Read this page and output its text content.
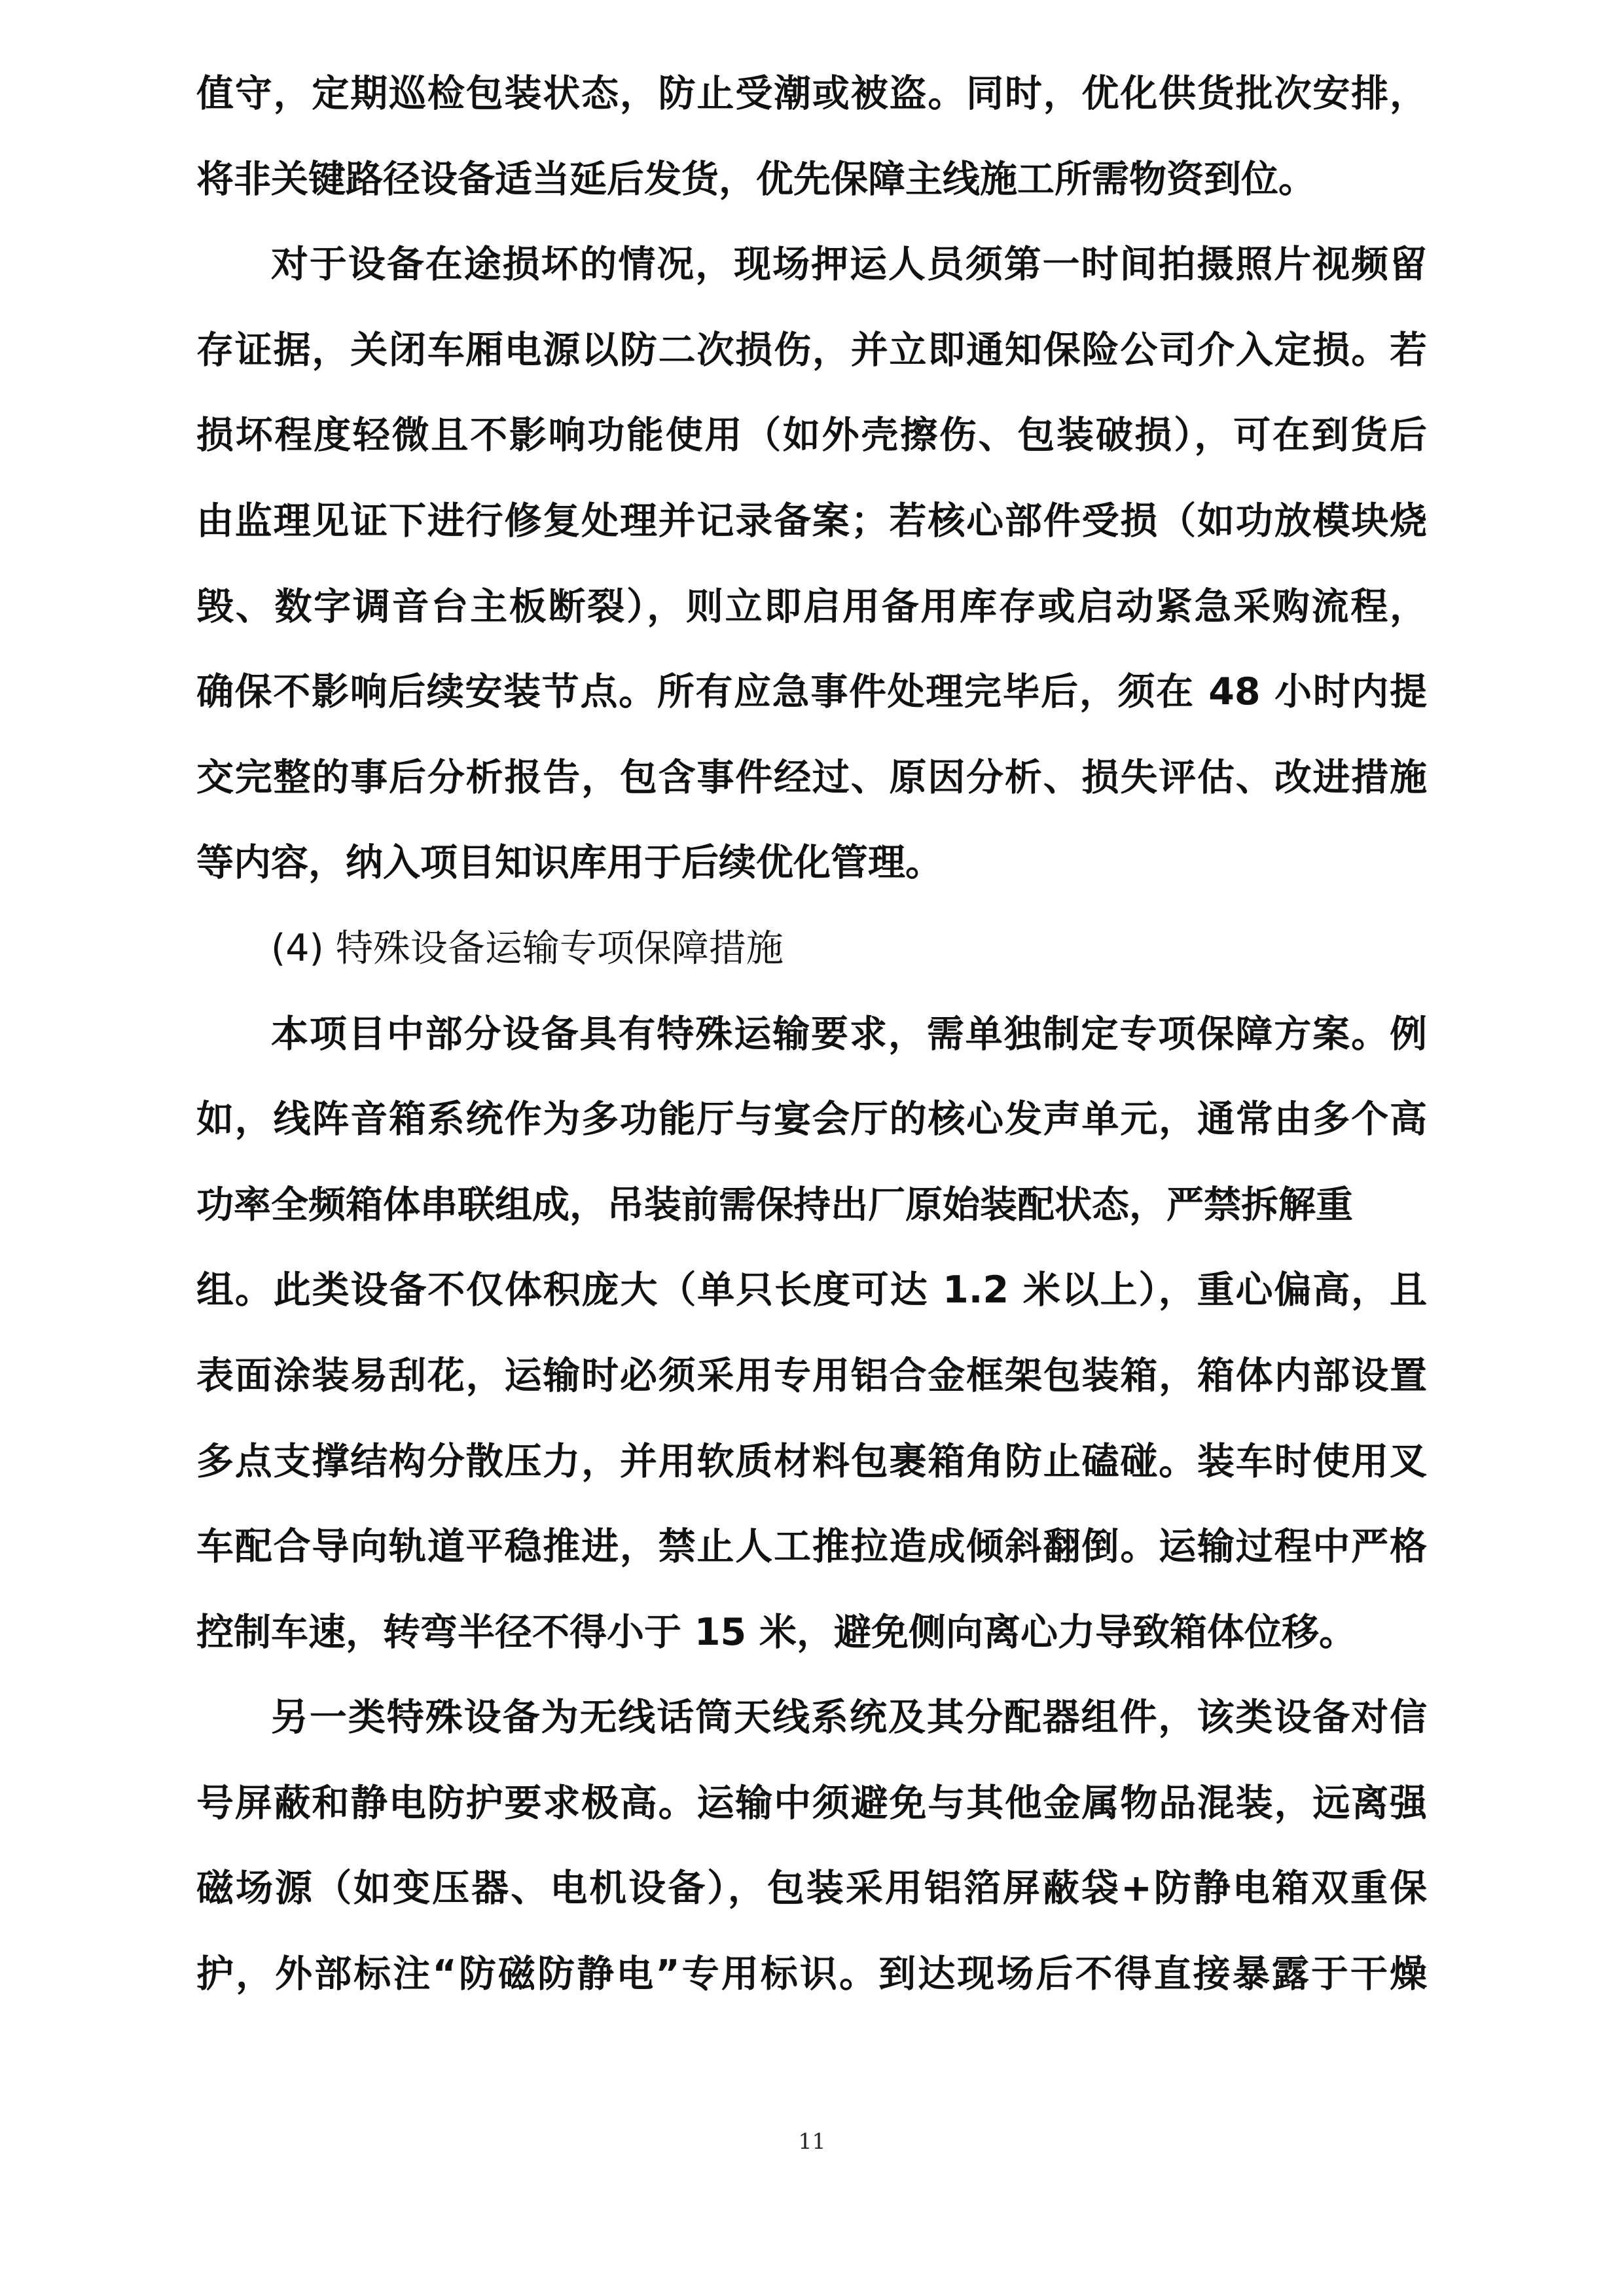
值守，定期巡检包装状态，防止受潮或被盗。同时，优化供货批次安排，
将非关键路径设备适当延后发货，优先保障主线施工所需物资到位。
对于设备在途损坏的情况，现场押运人员须第一时间拍摄照片视频留
存证据，关闭车厢电源以防二次损伤，并立即通知保险公司介入定损。若
损坏程度轻微且不影响功能使用（如外壳擦伤、包装破损），可在到货后
由监理见证下进行修复处理并记录备案；若核心部件受损（如功放模块烧
毁、数字调音台主板断裂），则立即启用备用库存或启动紧急采购流程，
确保不影响后续安装节点。所有应急事件处理完毕后，须在 48 小时内提
交完整的事后分析报告，包含事件经过、原因分析、损失评估、改进措施
等内容，纳入项目知识库用于后续优化管理。
(4) 特殊设备运输专项保障措施
本项目中部分设备具有特殊运输要求，需单独制定专项保障方案。例
如，线阵音箱系统作为多功能厅与宴会厅的核心发声单元，通常由多个高
功率全频箱体串联组成，吊装前需保持出厂原始装配状态，严禁拆解重
组。此类设备不仅体积庞大（单只长度可达 1.2 米以上），重心偏高，且
表面涂装易刮花，运输时必须采用专用铝合金框架包装箱，箱体内部设置
多点支撑结构分散压力，并用软质材料包裹箱角防止磕碰。装车时使用叉
车配合导向轨道平稳推进，禁止人工推拉造成倾斜翻倒。运输过程中严格
控制车速，转弯半径不得小于 15 米，避免侧向离心力导致箱体位移。
另一类特殊设备为无线话筒天线系统及其分配器组件，该类设备对信
号屏蔽和静电防护要求极高。运输中须避免与其他金属物品混装，远离强
磁场源（如变压器、电机设备），包装采用铝箔屏蔽袋+防静电箱双重保
护，外部标注“防磁防静电”专用标识。到达现场后不得直接暴露于干燥
11
